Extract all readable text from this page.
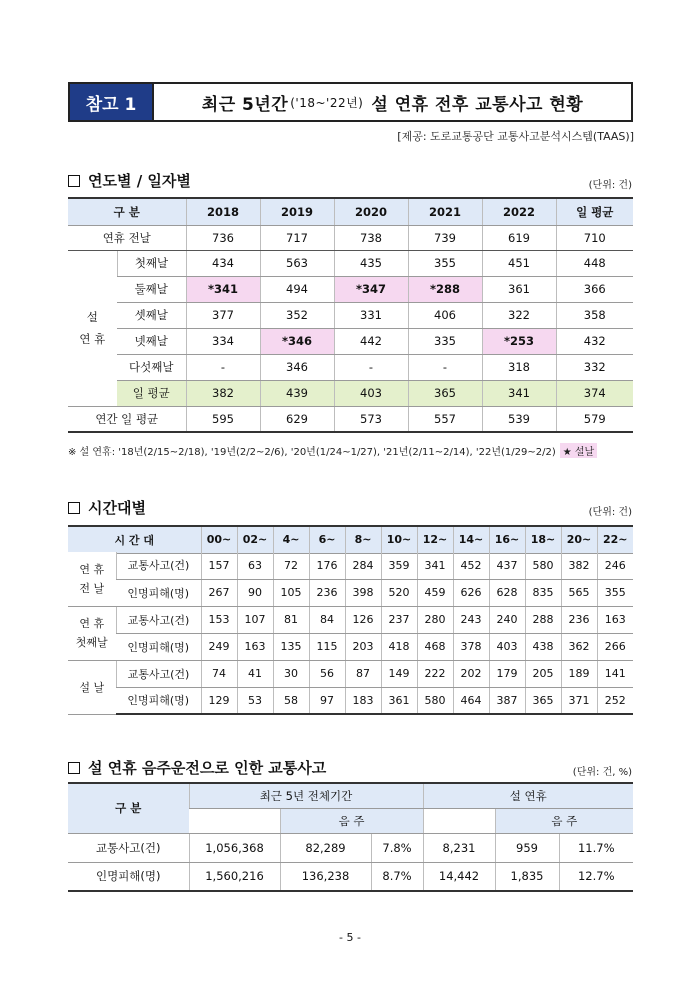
참고 1	최근 5년간 ('18~'22년) 설 연휴 전후 교통사고 현황
[제공: 도로교통공단 교통사고분석시스템(TAAS)]
연도별 / 일자별	(단위: 건)
구 분		2018	2019	2020	2021	2022	일 평균
연휴 전날		736	717	738	739	619	710

설
연 휴	첫째날	434	563	435	355	451	448
	둘째날	*341	494	*347	*288	361	366
	셋째날	377	352	331	406	322	358
	넷째날	334	*346	442	335	*253	432
	다섯째날	-	346	-	-	318	332
	일 평균	382	439	403	365	341	374
연간 일 평균		595	629	573	557	539	579
※ 설 연휴: '18년(2/15~2/18), '19년(2/2~2/6), '20년(1/24~1/27), '21년(2/11~2/14), '22년(1/29~2/2) ★ 설날
시간대별	(단위: 건)
시 간 대	00~	02~	4~	6~	8~	10~	12~	14~	16~	18~	20~	22~
연 휴
전 날	교통사고(건)	157	63	72	176	284	359	341	452	437	580	382	246
	인명피해(명)	267	90	105	236	398	520	459	626	628	835	565	355

연 휴
첫째날	교통사고(건)	153	107	81	84	126	237	280	243	240	288	236	163
	인명피해(명)	249	163	135	115	203	418	468	378	403	438	362	266

설 날	교통사고(건)	74	41	30	56	87	149	222	202	179	205	189	141
	인명피해(명)	129	53	58	97	183	361	580	464	387	365	371	252
설 연휴 음주운전으로 인한 교통사고	(단위: 건, %)
구 분	최근 5년 전체기간			설 연휴		
		음 주			음 주	
교통사고(건)	1,056,368	82,289	7.8%	8,231	959	11.7%
인명피해(명)	1,560,216	136,238	8.7%	14,442	1,835	12.7%
- 5 -
